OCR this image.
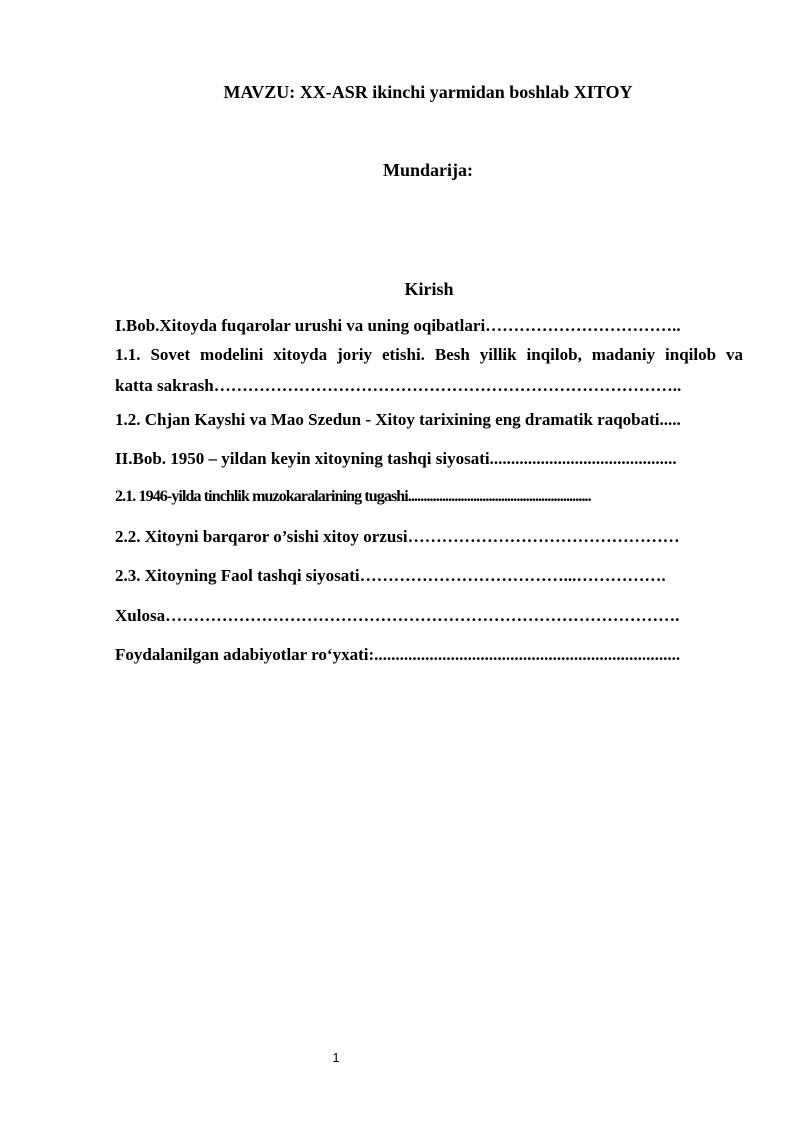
MAVZU: XX-ASR ikinchi yarmidan boshlab XITOY
Mundarija:
Kirish
I.Bob.Xitoyda fuqarolar urushi va uning oqibatlari……………………………..
1.1. Sovet modelini xitoyda joriy etishi. Besh yillik inqilob, madaniy inqilob va
katta sakrash………………………………………………………………………..
1.2. Chjan Kayshi va Mao Szedun - Xitoy tarixining eng dramatik raqobati.....
II.Bob. 1950 – yildan keyin xitoyning tashqi siyosati............................................
2.1. 1946-yilda tinchlik muzokaralarining tugashi...........................................................
2.2. Xitoyni barqaror o’sishi xitoy orzusi…………………………………………
2.3. Xitoyning Faol tashqi siyosati………………………………...…………….
Xulosa……………………………………………………………………………….
Foydalanilgan adabiyotlar ro‘yxati:........................................................................
1
